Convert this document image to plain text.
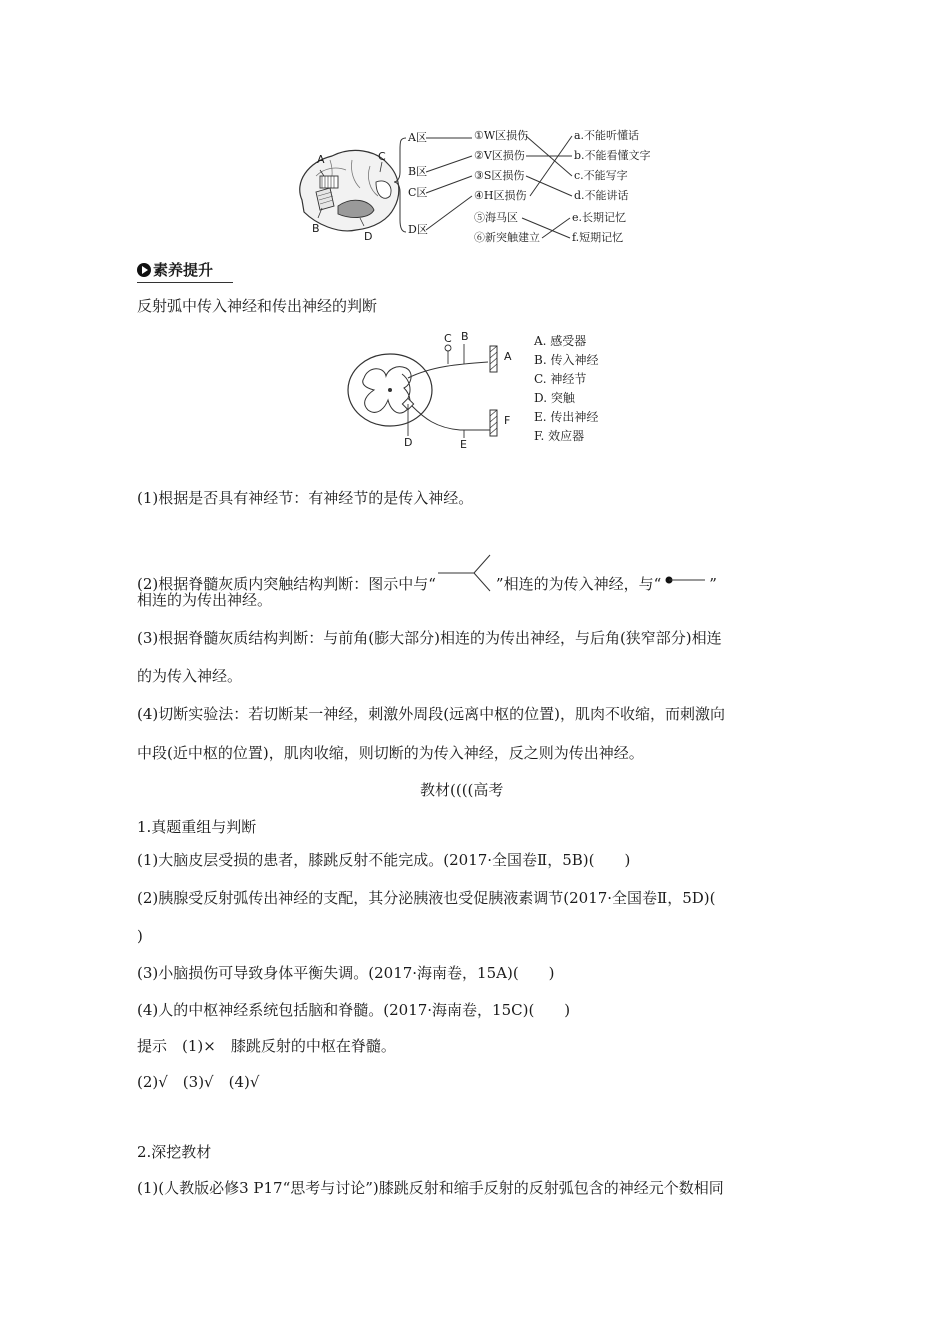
A
B
C
D
A区
B区
C区
D区
①W区损伤
②V区损伤
③S区损伤
④H区损伤
⑤海马区
⑥新突触建立
a.不能听懂话
b.不能看懂文字
c.不能写字
d.不能讲话
e.长期记忆
f.短期记忆
素养提升
反射弧中传入神经和传出神经的判断
C B
A
F
D	E
A. 感受器
B. 传入神经
C. 神经节
D. 突触
E. 传出神经
F. 效应器
(1)根据是否具有神经节：有神经节的是传入神经。
(2)根据脊髓灰质内突触结构判断：图示中与“	”相连的为传入神经，与“	”
相连的为传出神经。
(3)根据脊髓灰质结构判断：与前角(膨大部分)相连的为传出神经，与后角(狭窄部分)相连
的为传入神经。
(4)切断实验法：若切断某一神经，刺激外周段(远离中枢的位置)，肌肉不收缩，而刺激向
中段(近中枢的位置)，肌肉收缩，则切断的为传入神经，反之则为传出神经。
教材((((高考
1.真题重组与判断
(1)大脑皮层受损的患者，膝跳反射不能完成。(2017·全国卷Ⅱ，5B)(　　)
(2)胰腺受反射弧传出神经的支配，其分泌胰液也受促胰液素调节(2017·全国卷Ⅱ，5D)(
)
(3)小脑损伤可导致身体平衡失调。(2017·海南卷，15A)(　　)
(4)人的中枢神经系统包括脑和脊髓。(2017·海南卷，15C)(　　)
提示　(1)×　膝跳反射的中枢在脊髓。
(2)√　(3)√　(4)√
2.深挖教材
(1)(人教版必修3 P17“思考与讨论”)膝跳反射和缩手反射的反射弧包含的神经元个数相同
